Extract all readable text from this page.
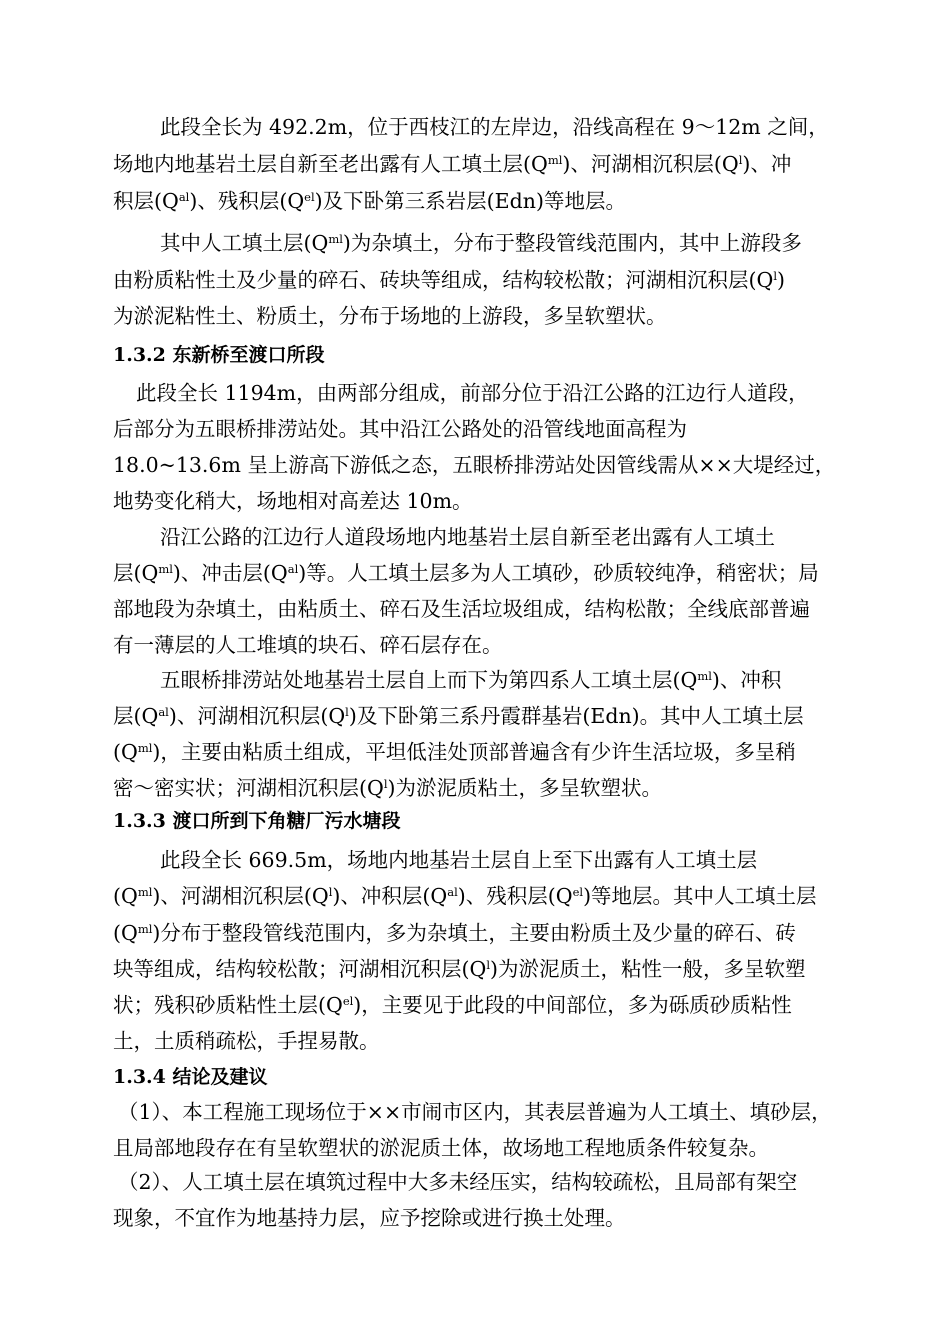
此段全长为 492.2m，位于西枝江的左岸边，沿线高程在 9～12m 之间，
场地内地基岩土层自新至老出露有人工填土层$(Q^{ml})$、河湖相沉积层$(Q^l)$、冲
积层$(Q^{al})$、残积层$(Q^{el})$及下卧第三系岩层(Edn)等地层。
其中人工填土层$(Q^{ml})$为杂填土，分布于整段管线范围内，其中上游段多
由粉质粘性土及少量的碎石、砖块等组成，结构较松散；河湖相沉积层$(Q^l)$
为淤泥粘性土、粉质土，分布于场地的上游段，多呈软塑状。
1.3.2 东新桥至渡口所段
此段全长 1194m，由两部分组成，前部分位于沿江公路的江边行人道段，
后部分为五眼桥排涝站处。其中沿江公路处的沿管线地面高程为
18.0~13.6m 呈上游高下游低之态，五眼桥排涝站处因管线需从××大堤经过，
地势变化稍大，场地相对高差达 10m。
沿江公路的江边行人道段场地内地基岩土层自新至老出露有人工填土
层$(Q^{ml})$、冲击层$(Q^{al})$等。人工填土层多为人工填砂，砂质较纯净，稍密状；局
部地段为杂填土，由粘质土、碎石及生活垃圾组成，结构松散；全线底部普遍
有一薄层的人工堆填的块石、碎石层存在。
五眼桥排涝站处地基岩土层自上而下为第四系人工填土层$(Q^{ml})$、冲积
层$(Q^{al})$、河湖相沉积层$(Q^l)$及下卧第三系丹霞群基岩(Edn)。其中人工填土层
$(Q^{ml})$，主要由粘质土组成，平坦低洼处顶部普遍含有少许生活垃圾，多呈稍
密～密实状；河湖相沉积层$(Q^l)$为淤泥质粘土，多呈软塑状。
1.3.3 渡口所到下角糖厂污水塘段
此段全长 669.5m，场地内地基岩土层自上至下出露有人工填土层
$(Q^{ml})$、河湖相沉积层$(Q^l)$、冲积层$(Q^{al})$、残积层$(Q^{el})$等地层。其中人工填土层
$(Q^{ml})$分布于整段管线范围内，多为杂填土，主要由粉质土及少量的碎石、砖
块等组成，结构较松散；河湖相沉积层$(Q^l)$为淤泥质土，粘性一般，多呈软塑
状；残积砂质粘性土层$(Q^{el})$，主要见于此段的中间部位，多为砾质砂质粘性
土，土质稍疏松，手捏易散。
1.3.4 结论及建议
（1）、本工程施工现场位于××市闹市区内，其表层普遍为人工填土、填砂层，
且局部地段存在有呈软塑状的淤泥质土体，故场地工程地质条件较复杂。
（2）、人工填土层在填筑过程中大多未经压实，结构较疏松，且局部有架空
现象，不宜作为地基持力层，应予挖除或进行换土处理。
